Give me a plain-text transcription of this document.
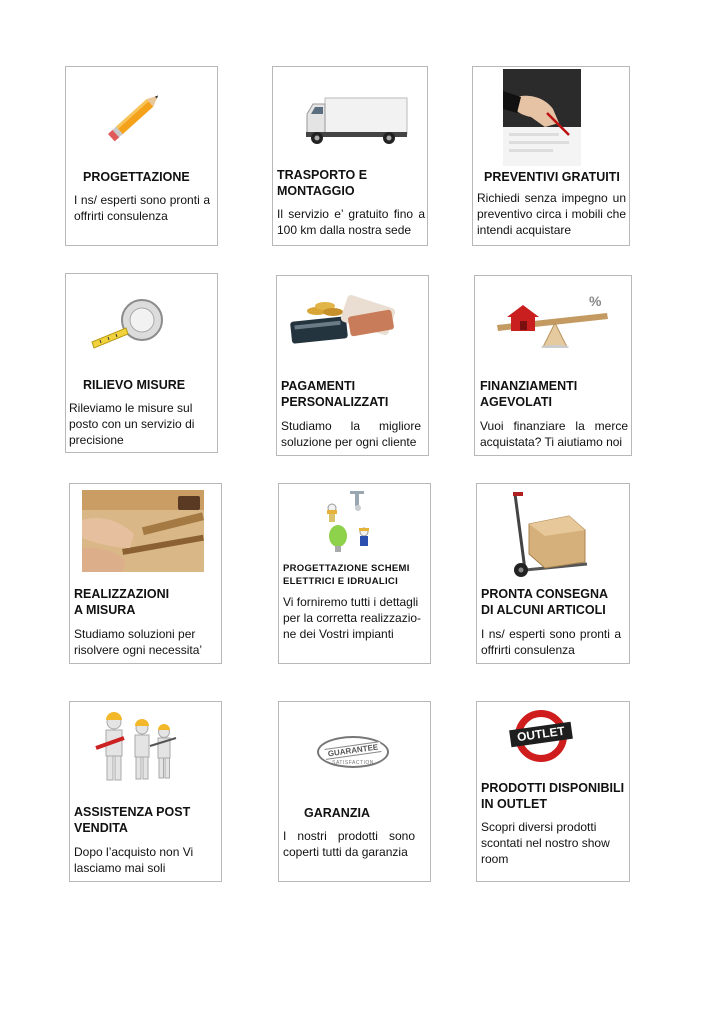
PROGETTAZIONE
I ns/ esperti sono pronti a offrirti consulenza
TRASPORTO E MONTAGGIO
Il servizio e’ gratuito fino a 100 km dalla nostra sede
PREVENTIVI GRATUITI
Richiedi senza impegno un preventivo circa i mobili che intendi acquistare
RILIEVO MISURE
Rileviamo le misure sul posto con un servizio di precisione
PAGAMENTI PERSONALIZZATI
Studiamo la migliore soluzione per ogni cliente
%
FINANZIAMENTI AGEVOLATI
Vuoi finanziare la merce acquistata? Ti aiutiamo noi
REALIZZAZIONI A MISURA
Studiamo soluzioni per risolvere ogni necessita’
PROGETTAZIONE SCHEMI ELETTRICI E IDRUALICI
Vi forniremo tutti i dettagli per la corretta realizzazio-ne dei Vostri impianti
PRONTA CONSEGNA DI ALCUNI ARTICOLI
I ns/ esperti sono pronti a offrirti consulenza
ASSISTENZA POST VENDITA
Dopo l’acquisto non Vi lasciamo mai soli
SATISFACTION
GUARANTEE
GARANZIA
I nostri prodotti sono coperti tutti da garanzia
OUTLET
PRODOTTI DISPONIBILI IN OUTLET
Scopri diversi prodotti scontati nel nostro show room
